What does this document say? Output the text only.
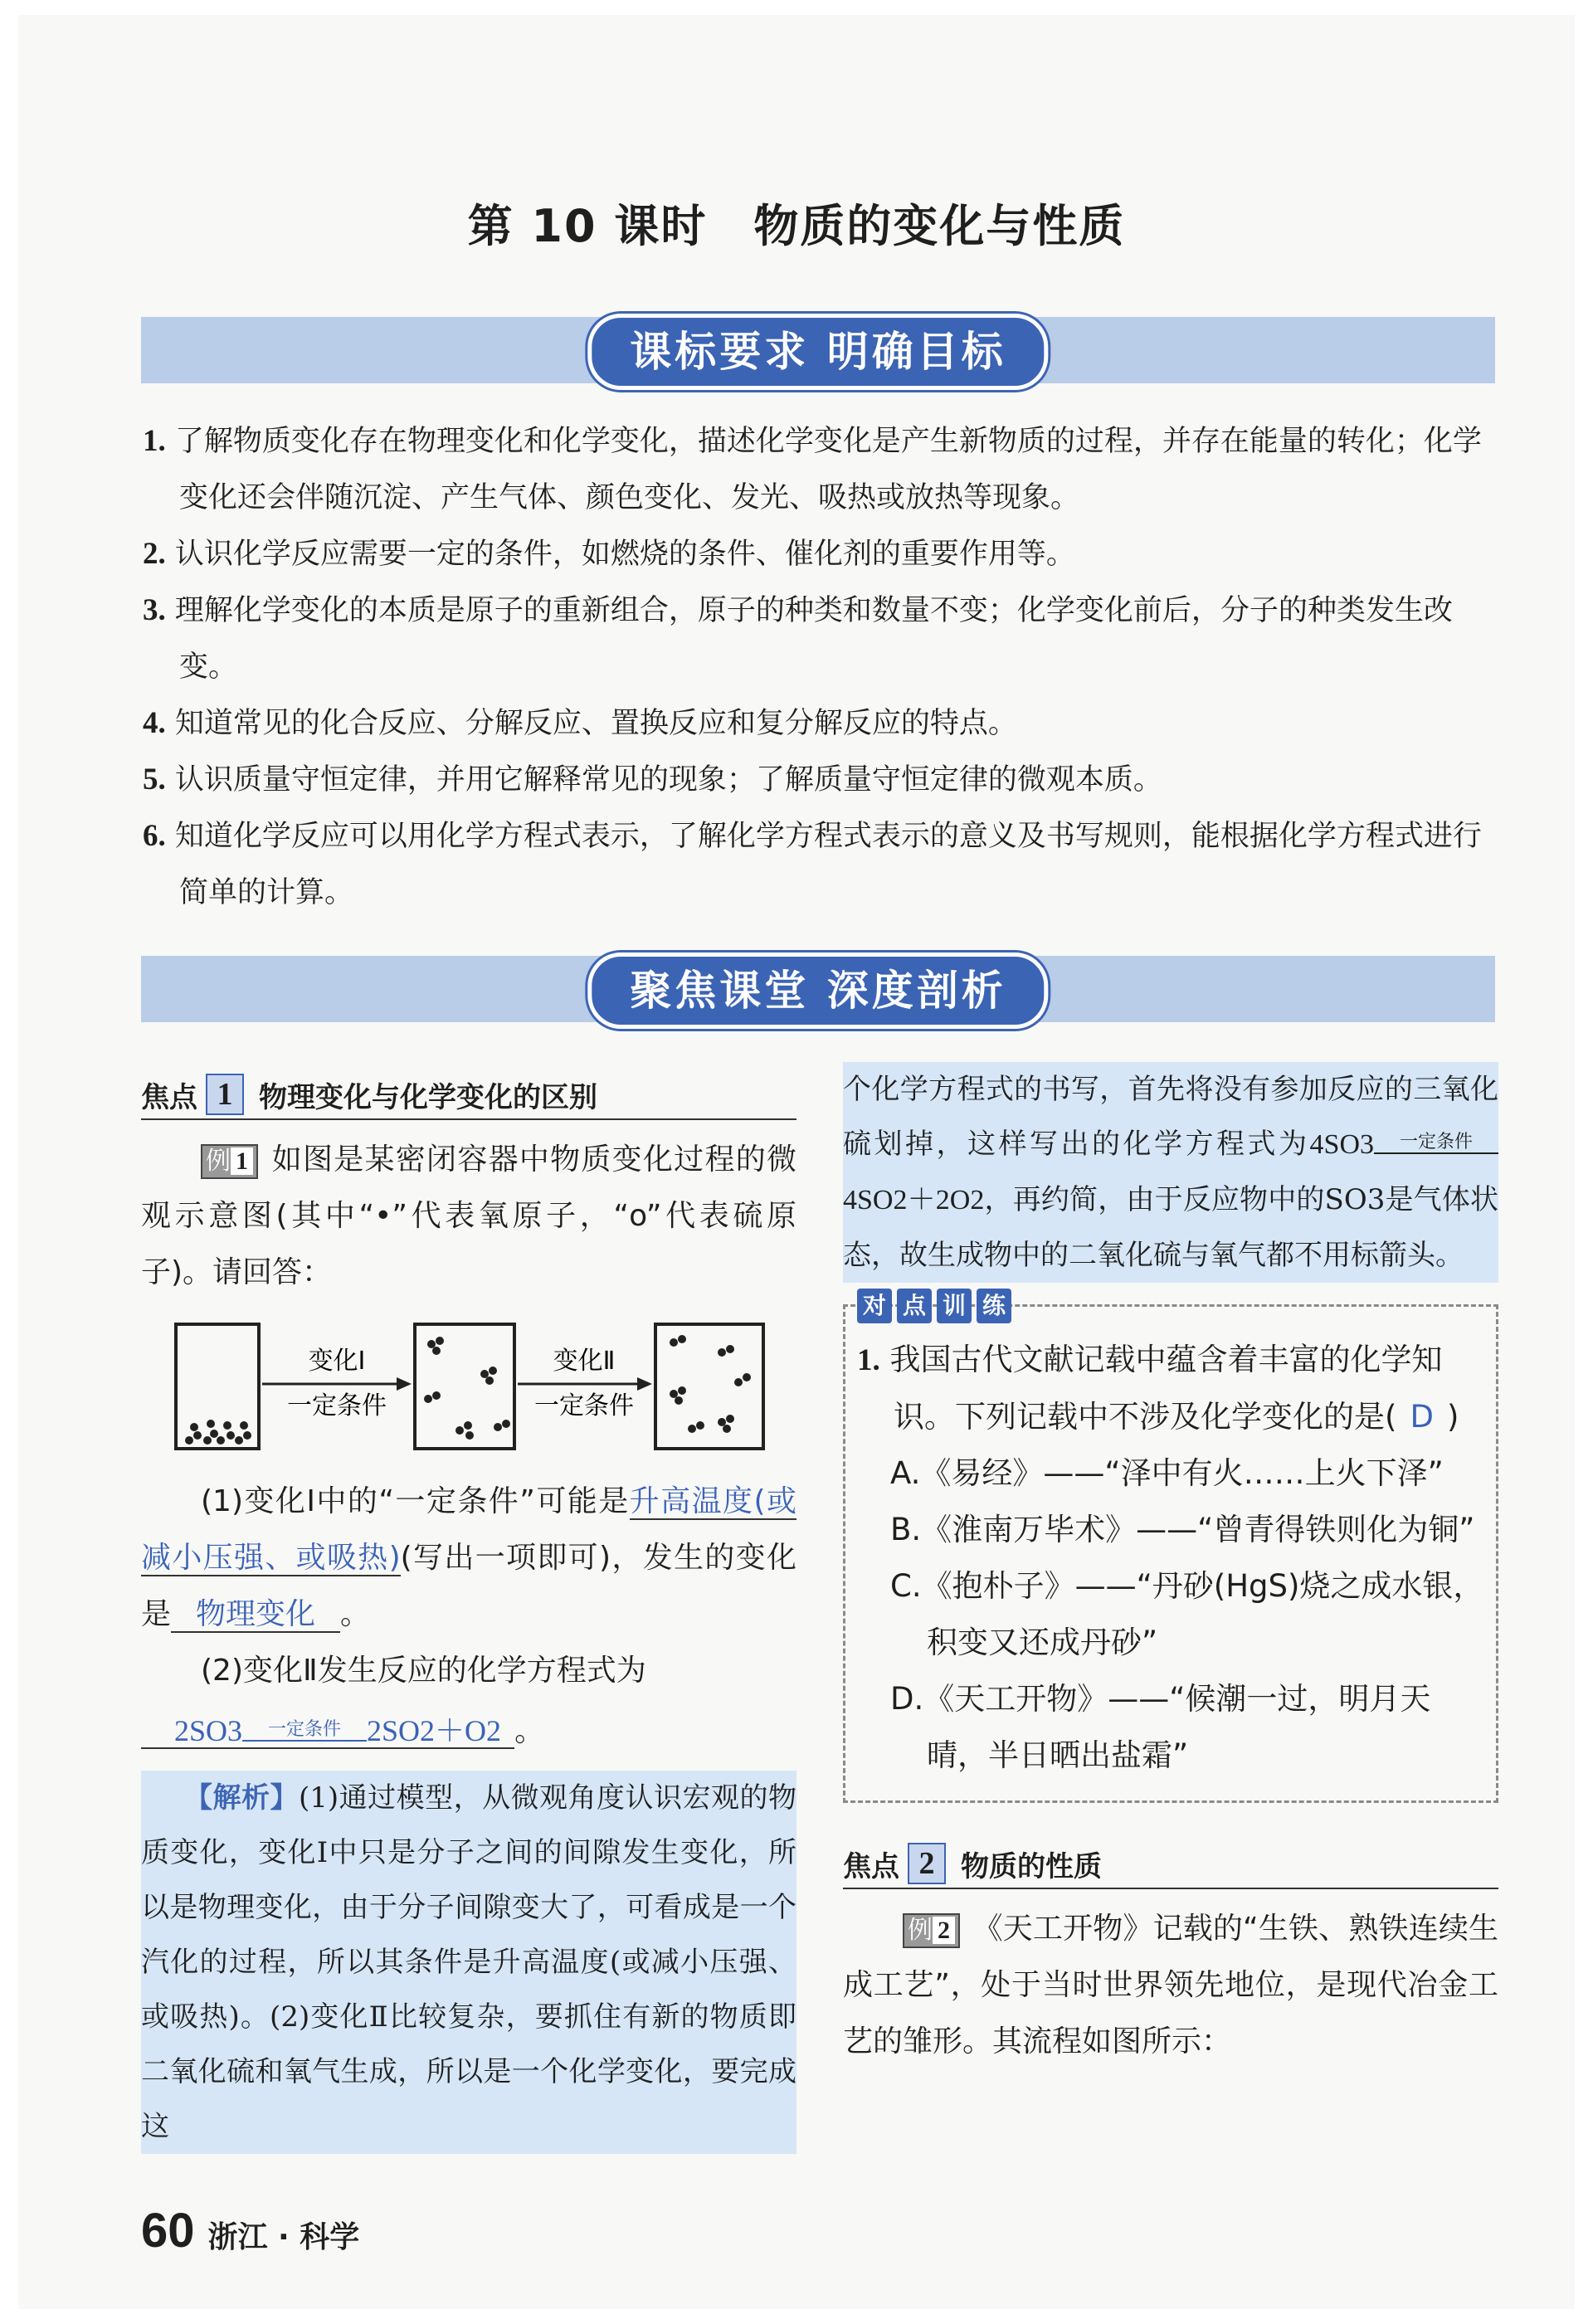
第 10 课时　物质的变化与性质
课标要求 明确目标
1. 了解物质变化存在物理变化和化学变化，描述化学变化是产生新物质的过程，并存在能量的转化；化学变化还会伴随沉淀、产生气体、颜色变化、发光、吸热或放热等现象。
2. 认识化学反应需要一定的条件，如燃烧的条件、催化剂的重要作用等。
3. 理解化学变化的本质是原子的重新组合，原子的种类和数量不变；化学变化前后，分子的种类发生改变。
4. 知道常见的化合反应、分解反应、置换反应和复分解反应的特点。
5. 认识质量守恒定律，并用它解释常见的现象；了解质量守恒定律的微观本质。
6. 知道化学反应可以用化学方程式表示，了解化学方程式表示的意义及书写规则，能根据化学方程式进行简单的计算。
聚焦课堂 深度剖析
焦点 1 物理变化与化学变化的区别
例 1 如图是某密闭容器中物质变化过程的微观示意图(其中“•”代表氧原子，“o”代表硫原子)。请回答：
变化Ⅰ
一定条件
变化Ⅱ
一定条件
(1)变化Ⅰ中的“一定条件”可能是升高温度(或减小压强、或吸热)(写出一项即可)，发生的变化是 物理变化 。
(2)变化Ⅱ发生反应的化学方程式为
2SO3	一定条件 2SO2＋O2 。
【解析】(1)通过模型，从微观角度认识宏观的物质变化，变化Ⅰ中只是分子之间的间隙发生变化，所以是物理变化，由于分子间隙变大了，可看成是一个汽化的过程，所以其条件是升高温度(或减小压强、或吸热)。(2)变化Ⅱ比较复杂，要抓住有新的物质即二氧化硫和氧气生成，所以是一个化学变化，要完成这
个化学方程式的书写，首先将没有参加反应的三氧化硫划掉，这样写出的化学方程式为4SO3	一定条件
4SO2＋2O2，再约简，由于反应物中的SO3是气体状态，故生成物中的二氧化硫与氧气都不用标箭头。
对 点 训 练
1. 我国古代文献记载中蕴含着丰富的化学知识。下列记载中不涉及化学变化的是( D )
A.《易经》——“泽中有火……上火下泽”
B.《淮南万毕术》——“曾青得铁则化为铜”
C.《抱朴子》——“丹砂(HgS)烧之成水银，积变又还成丹砂”
D.《天工开物》——“候潮一过，明月天晴，半日晒出盐霜”
焦点 2 物质的性质
例 2 《天工开物》记载的“生铁、熟铁连续生成工艺”，处于当时世界领先地位，是现代冶金工艺的雏形。其流程如图所示：
60 浙江 · 科学
